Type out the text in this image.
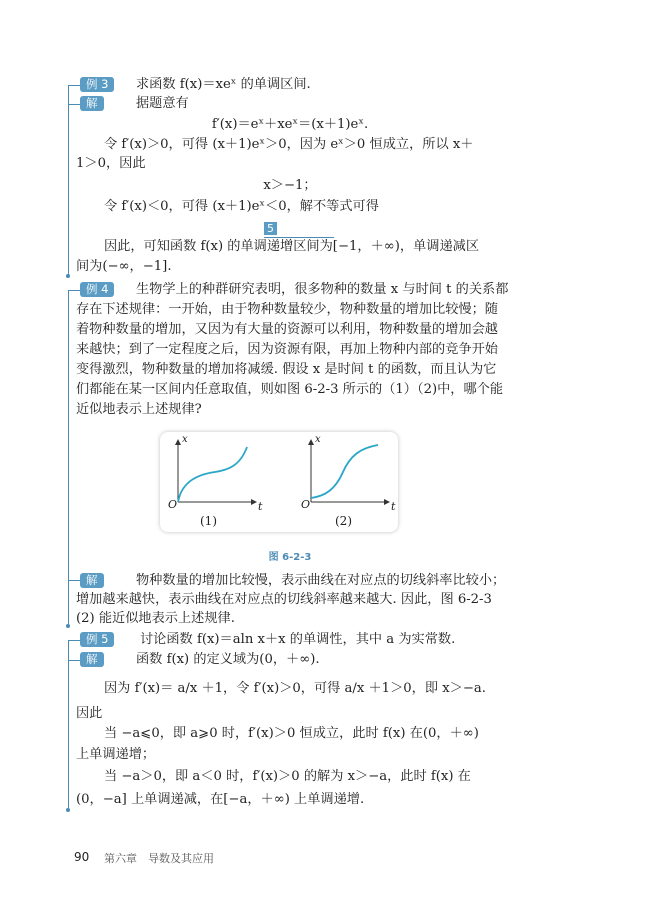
例 3	求函数 f(x)＝xeˣ 的单调区间.
解	据题意有
f′(x)＝eˣ＋xeˣ＝(x＋1)eˣ.
令 f′(x)＞0，可得 (x＋1)eˣ＞0，因为 eˣ＞0 恒成立，所以 x＋
1＞0，因此
x＞−1；
令 f′(x)＜0，可得 (x＋1)eˣ＜0，解不等式可得
5
因此，可知函数 f(x) 的单调递增区间为[−1，＋∞)，单调递减区
间为(−∞，−1].
例 4	生物学上的种群研究表明，很多物种的数量 x 与时间 t 的关系都
存在下述规律：一开始，由于物种数量较少，物种数量的增加比较慢；随
着物种数量的增加，又因为有大量的资源可以利用，物种数量的增加会越
来越快；到了一定程度之后，因为资源有限，再加上物种内部的竞争开始
变得激烈，物种数量的增加将减缓. 假设 x 是时间 t 的函数，而且认为它
们都能在某一区间内任意取值，则如图 6-2-3 所示的（1）（2)中，哪个能
近似地表示上述规律?
x
t
O
x
t
O
(1)	(2)
图 6-2-3
解	物种数量的增加比较慢，表示曲线在对应点的切线斜率比较小；
增加越来越快，表示曲线在对应点的切线斜率越来越大. 因此，图 6-2-3
(2) 能近似地表示上述规律.
例 5	讨论函数 f(x)＝aln x＋x 的单调性，其中 a 为实常数.
解	函数 f(x) 的定义域为(0，＋∞).
因为 f′(x)＝ a/x ＋1，令 f′(x)＞0，可得 a/x ＋1＞0，即 x＞−a.
因此
当 −a⩽0，即 a⩾0 时，f′(x)＞0 恒成立，此时 f(x) 在(0，＋∞)
上单调递增；
当 −a＞0，即 a＜0 时，f′(x)＞0 的解为 x＞−a，此时 f(x) 在
(0，−a] 上单调递减，在[−a，＋∞) 上单调递增.
90 第六章　导数及其应用
